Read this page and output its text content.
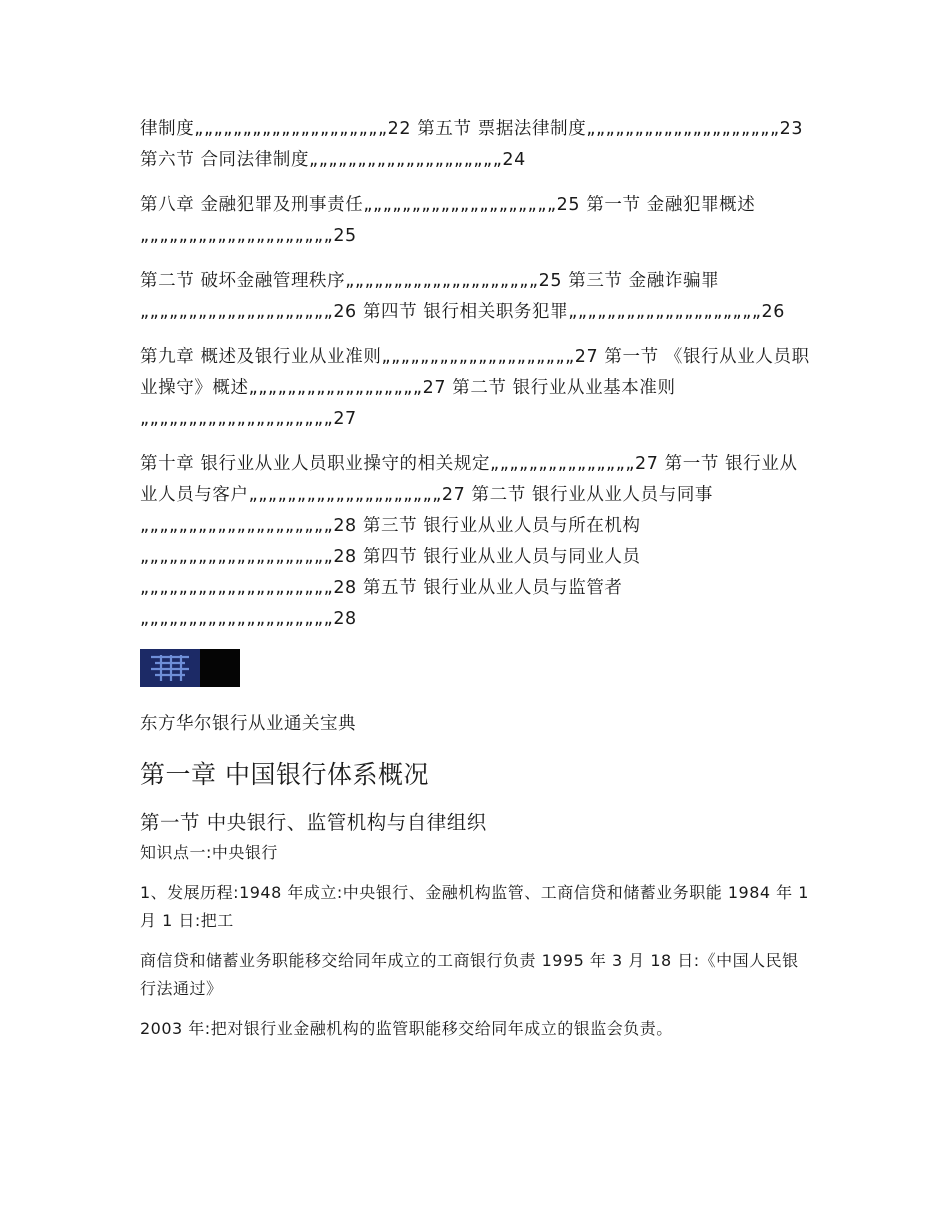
律制度„„„„„„„„„„„„„„„„„„„„22 第五节 票据法律制度„„„„„„„„„„„„„„„„„„„„23 第六节 合同法律制度„„„„„„„„„„„„„„„„„„„„24

第八章 金融犯罪及刑事责任„„„„„„„„„„„„„„„„„„„„25 第一节 金融犯罪概述„„„„„„„„„„„„„„„„„„„„25

第二节 破坏金融管理秩序„„„„„„„„„„„„„„„„„„„„25 第三节 金融诈骗罪„„„„„„„„„„„„„„„„„„„„26 第四节 银行相关职务犯罪„„„„„„„„„„„„„„„„„„„„26

第九章 概述及银行业从业准则„„„„„„„„„„„„„„„„„„„„27 第一节 《银行从业人员职业操守》概述„„„„„„„„„„„„„„„„„„27 第二节 银行业从业基本准则„„„„„„„„„„„„„„„„„„„„27

第十章 银行业从业人员职业操守的相关规定„„„„„„„„„„„„„„„27 第一节 银行业从业人员与客户„„„„„„„„„„„„„„„„„„„„27 第二节 银行业从业人员与同事„„„„„„„„„„„„„„„„„„„„28 第三节 银行业从业人员与所在机构„„„„„„„„„„„„„„„„„„„„28 第四节 银行业从业人员与同业人员„„„„„„„„„„„„„„„„„„„„28 第五节 银行业从业人员与监管者„„„„„„„„„„„„„„„„„„„„28

东方华尔银行从业通关宝典

第一章 中国银行体系概况
第一节 中央银行、监管机构与自律组织

知识点一:中央银行

1、发展历程:1948 年成立:中央银行、金融机构监管、工商信贷和储蓄业务职能 1984 年 1 月 1 日:把工

商信贷和储蓄业务职能移交给同年成立的工商银行负责 1995 年 3 月 18 日:《中国人民银行法通过》

2003 年:把对银行业金融机构的监管职能移交给同年成立的银监会负责。
